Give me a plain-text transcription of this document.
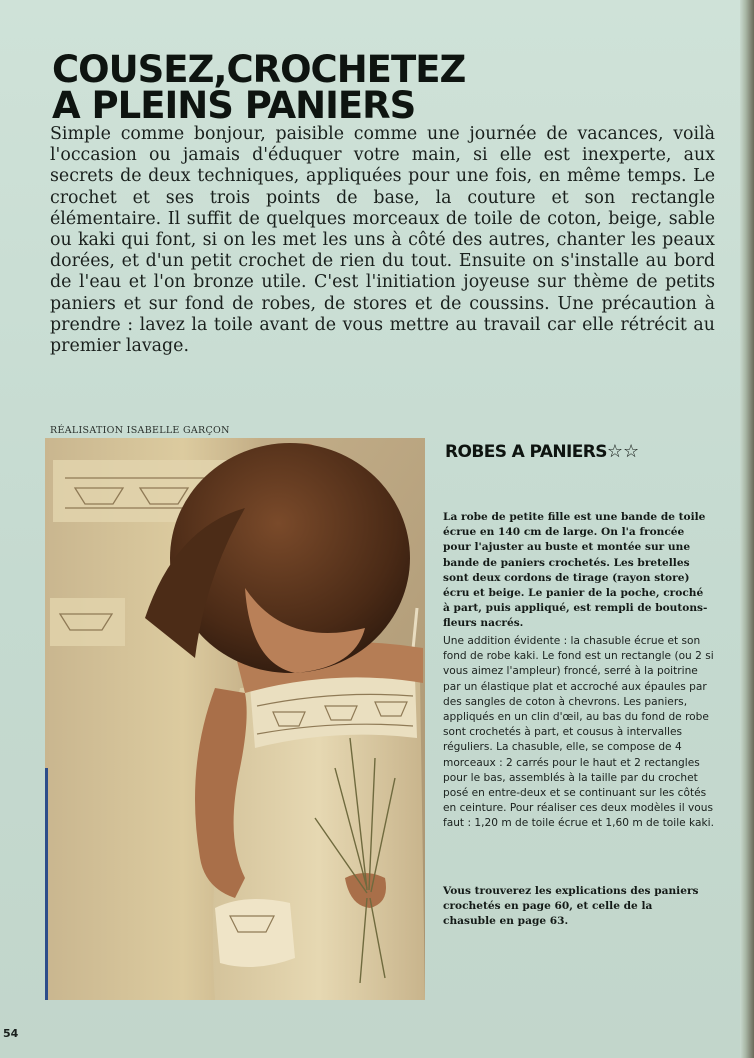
COUSEZ,CROCHETEZ
A PLEINS PANIERS

Simple comme bonjour, paisible comme une journée de vacances, voilà l'occasion ou jamais d'éduquer votre main, si elle est inexperte, aux secrets de deux techniques, appliquées pour une fois, en même temps. Le crochet et ses trois points de base, la couture et son rectangle élémentaire. Il suffit de quelques morceaux de toile de coton, beige, sable ou kaki qui font, si on les met les uns à côté des autres, chanter les peaux dorées, et d'un petit crochet de rien du tout. Ensuite on s'installe au bord de l'eau et l'on bronze utile. C'est l'initiation joyeuse sur thème de petits paniers et sur fond de robes, de stores et de coussins. Une précaution à prendre : lavez la toile avant de vous mettre au travail car elle rétrécit au premier lavage.

RÉALISATION ISABELLE GARÇON
ROBES A PANIERS☆☆

La robe de petite fille est une bande de toile écrue en 140 cm de large. On l'a froncée pour l'ajuster au buste et montée sur une bande de paniers crochetés. Les bretelles sont deux cordons de tirage (rayon store) écru et beige. Le panier de la poche, croché à part, puis appliqué, est rempli de boutons-fleurs nacrés.

Une addition évidente : la chasuble écrue et son fond de robe kaki. Le fond est un rectangle (ou 2 si vous aimez l'ampleur) froncé, serré à la poitrine par un élastique plat et accroché aux épaules par des sangles de coton à chevrons. Les paniers, appliqués en un clin d'œil, au bas du fond de robe sont crochetés à part, et cousus à intervalles réguliers. La chasuble, elle, se compose de 4 morceaux : 2 carrés pour le haut et 2 rectangles pour le bas, assemblés à la taille par du crochet posé en entre-deux et se continuant sur les côtés en ceinture. Pour réaliser ces deux modèles il vous faut : 1,20 m de toile écrue et 1,60 m de toile kaki.

Vous trouverez les explications des paniers crochetés en page 60, et celle de la chasuble en page 63.

54
